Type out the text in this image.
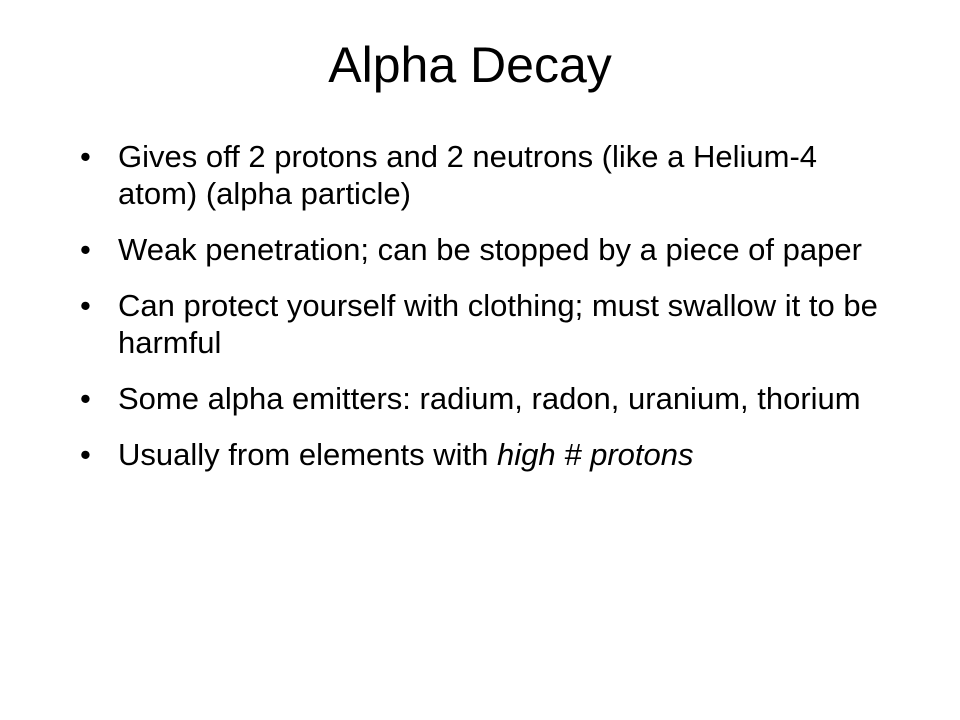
Alpha Decay
• Gives off 2 protons and 2 neutrons (like a Helium-4 atom) (alpha particle)
• Weak penetration; can be stopped by a piece of paper
• Can protect yourself with clothing; must swallow it to be harmful
• Some alpha emitters: radium, radon, uranium, thorium
• Usually from elements with high # protons
